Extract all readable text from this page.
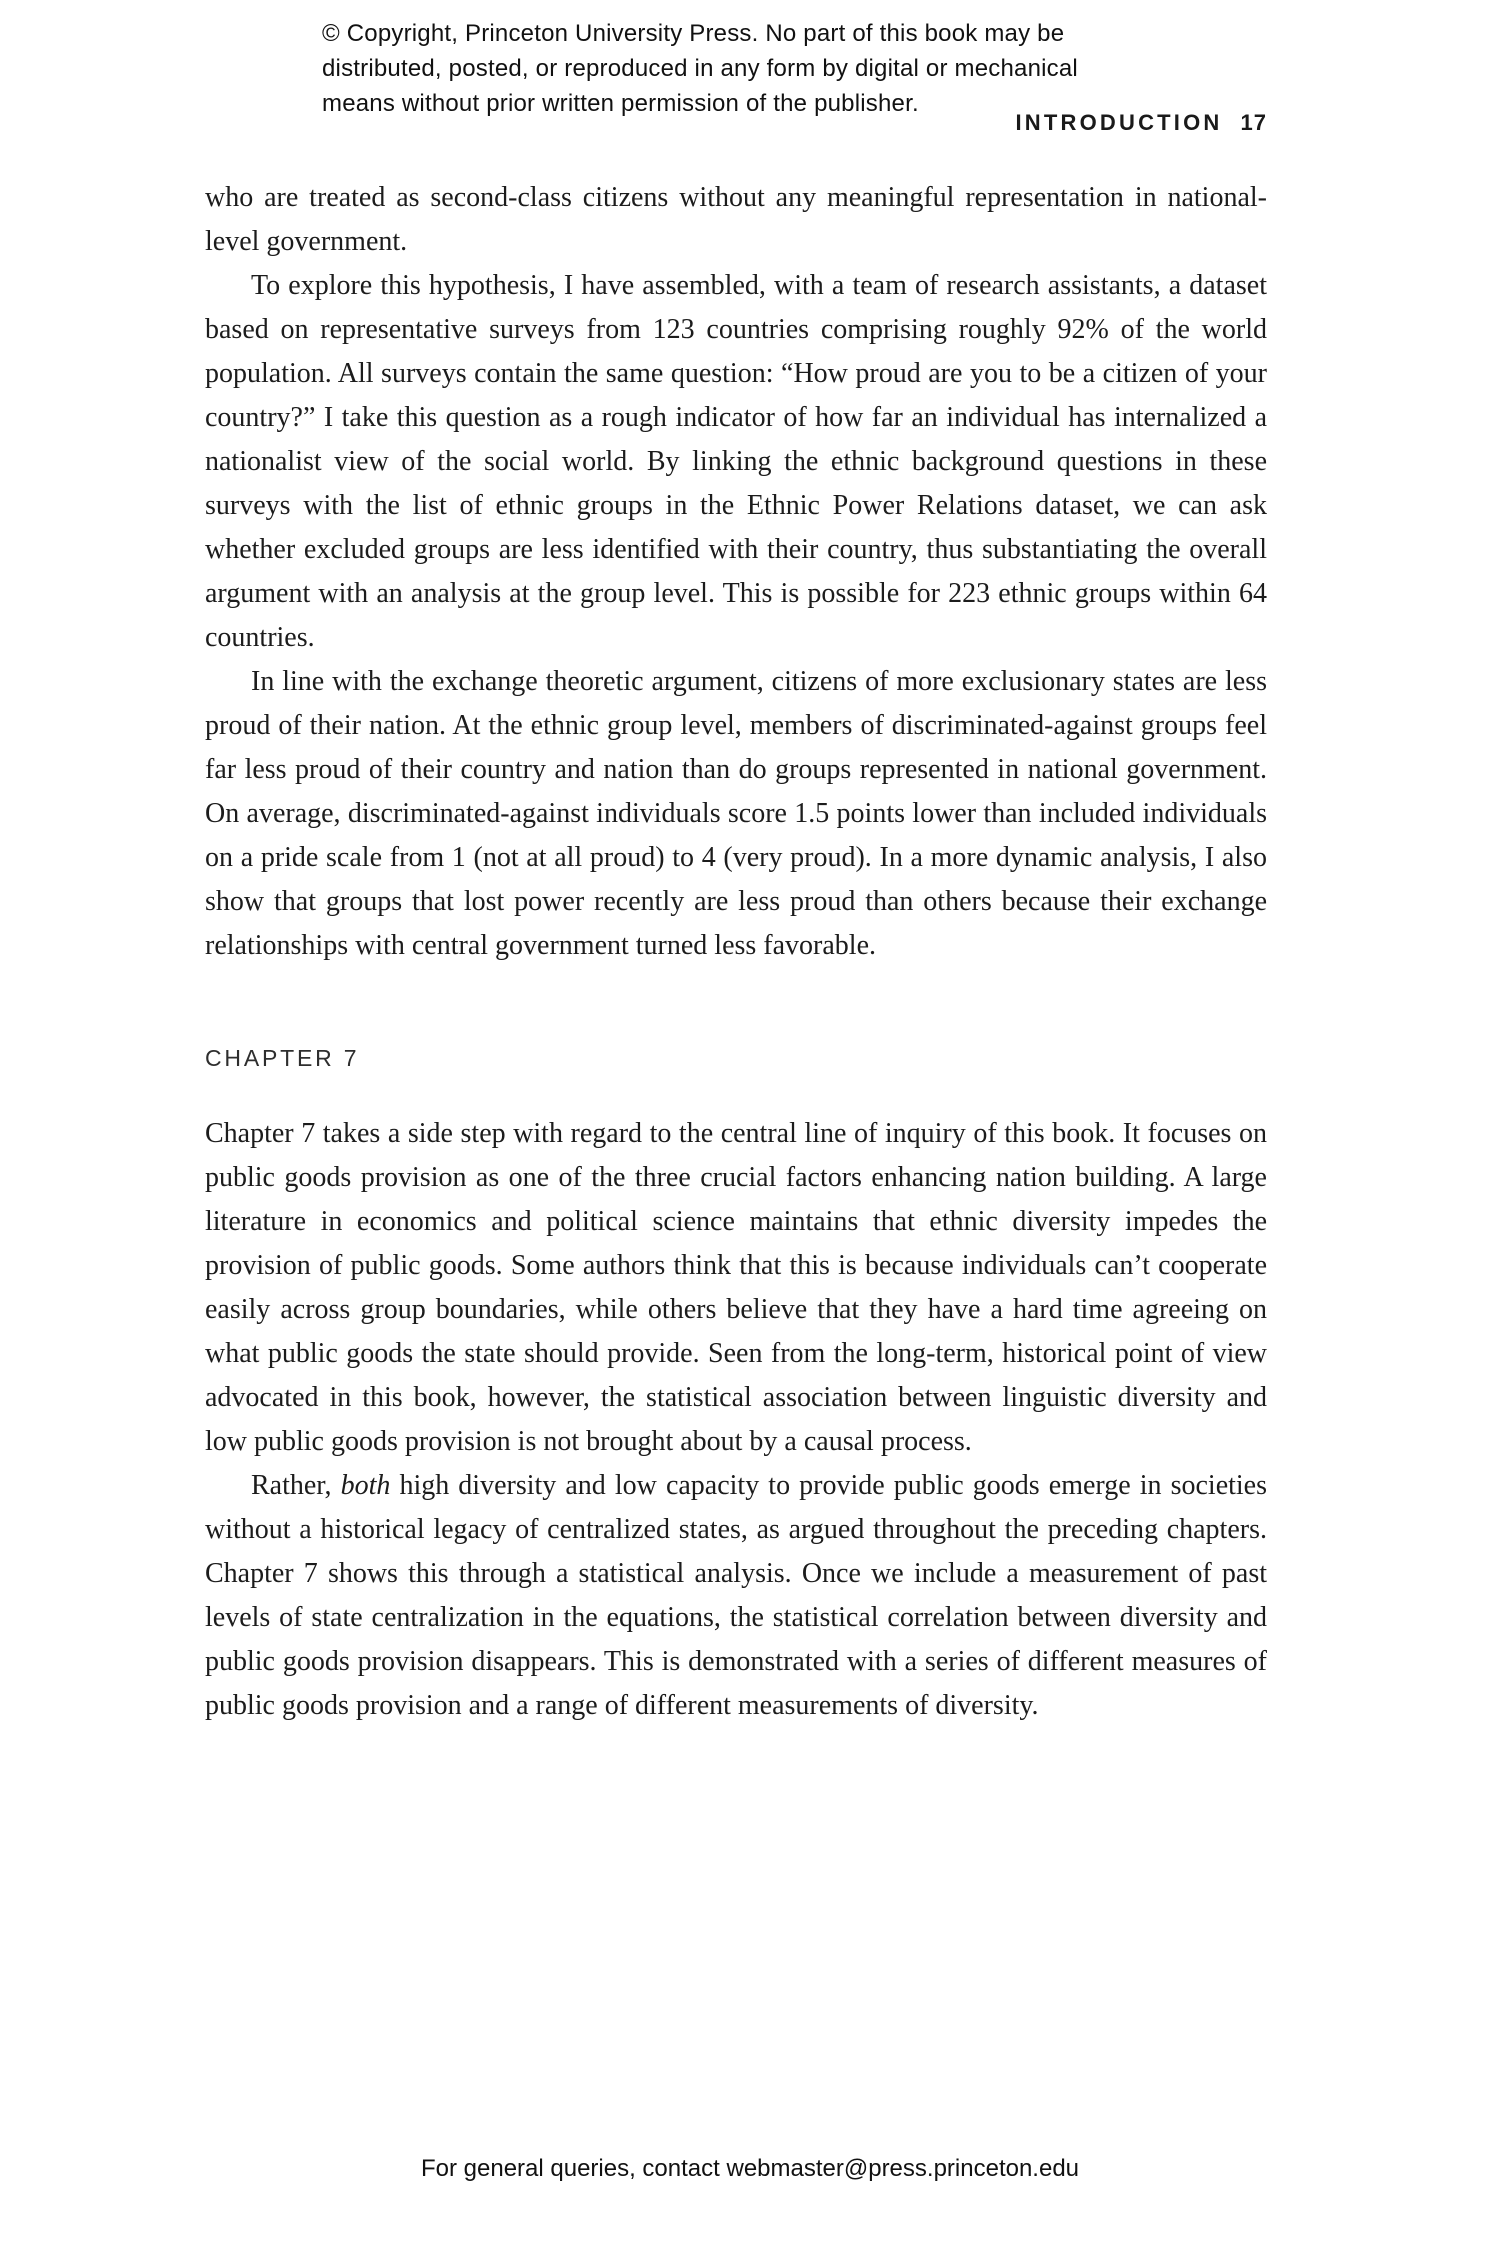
© Copyright, Princeton University Press. No part of this book may be
distributed, posted, or reproduced in any form by digital or mechanical
means without prior written permission of the publisher.
INTRODUCTION 17

who are treated as second-class citizens without any meaningful representation in national-level government.

To explore this hypothesis, I have assembled, with a team of research assistants, a dataset based on representative surveys from 123 countries comprising roughly 92% of the world population. All surveys contain the same question: “How proud are you to be a citizen of your country?” I take this question as a rough indicator of how far an individual has internalized a nationalist view of the social world. By linking the ethnic background questions in these surveys with the list of ethnic groups in the Ethnic Power Relations dataset, we can ask whether excluded groups are less identified with their country, thus substantiating the overall argument with an analysis at the group level. This is possible for 223 ethnic groups within 64 countries.

In line with the exchange theoretic argument, citizens of more exclusionary states are less proud of their nation. At the ethnic group level, members of discriminated-against groups feel far less proud of their country and nation than do groups represented in national government. On average, discriminated-against individuals score 1.5 points lower than included individuals on a pride scale from 1 (not at all proud) to 4 (very proud). In a more dynamic analysis, I also show that groups that lost power recently are less proud than others because their exchange relationships with central government turned less favorable.

CHAPTER 7

Chapter 7 takes a side step with regard to the central line of inquiry of this book. It focuses on public goods provision as one of the three crucial factors enhancing nation building. A large literature in economics and political science maintains that ethnic diversity impedes the provision of public goods. Some authors think that this is because individuals can’t cooperate easily across group boundaries, while others believe that they have a hard time agreeing on what public goods the state should provide. Seen from the long-term, historical point of view advocated in this book, however, the statistical association between linguistic diversity and low public goods provision is not brought about by a causal process.

Rather, both high diversity and low capacity to provide public goods emerge in societies without a historical legacy of centralized states, as argued throughout the preceding chapters. Chapter 7 shows this through a statistical analysis. Once we include a measurement of past levels of state centralization in the equations, the statistical correlation between diversity and public goods provision disappears. This is demonstrated with a series of different measures of public goods provision and a range of different measurements of diversity.

For general queries, contact webmaster@press.princeton.edu
